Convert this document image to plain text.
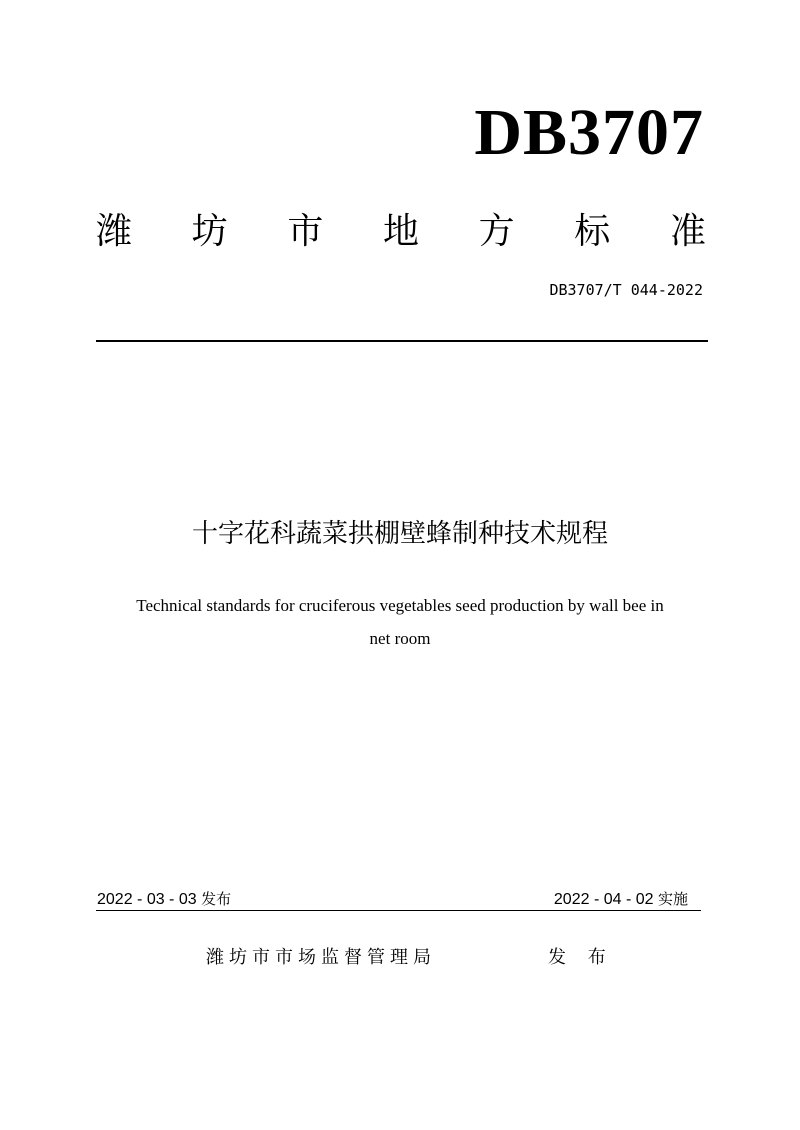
DB3707
潍 坊 市 地 方 标 准
DB3707/T 044-2022
十字花科蔬菜拱棚壁蜂制种技术规程
Technical standards for cruciferous vegetables seed production by wall bee in
net room
2022 - 03 - 03 发布	2022 - 04 - 02 实施
潍坊市市场监督管理局	发 布
